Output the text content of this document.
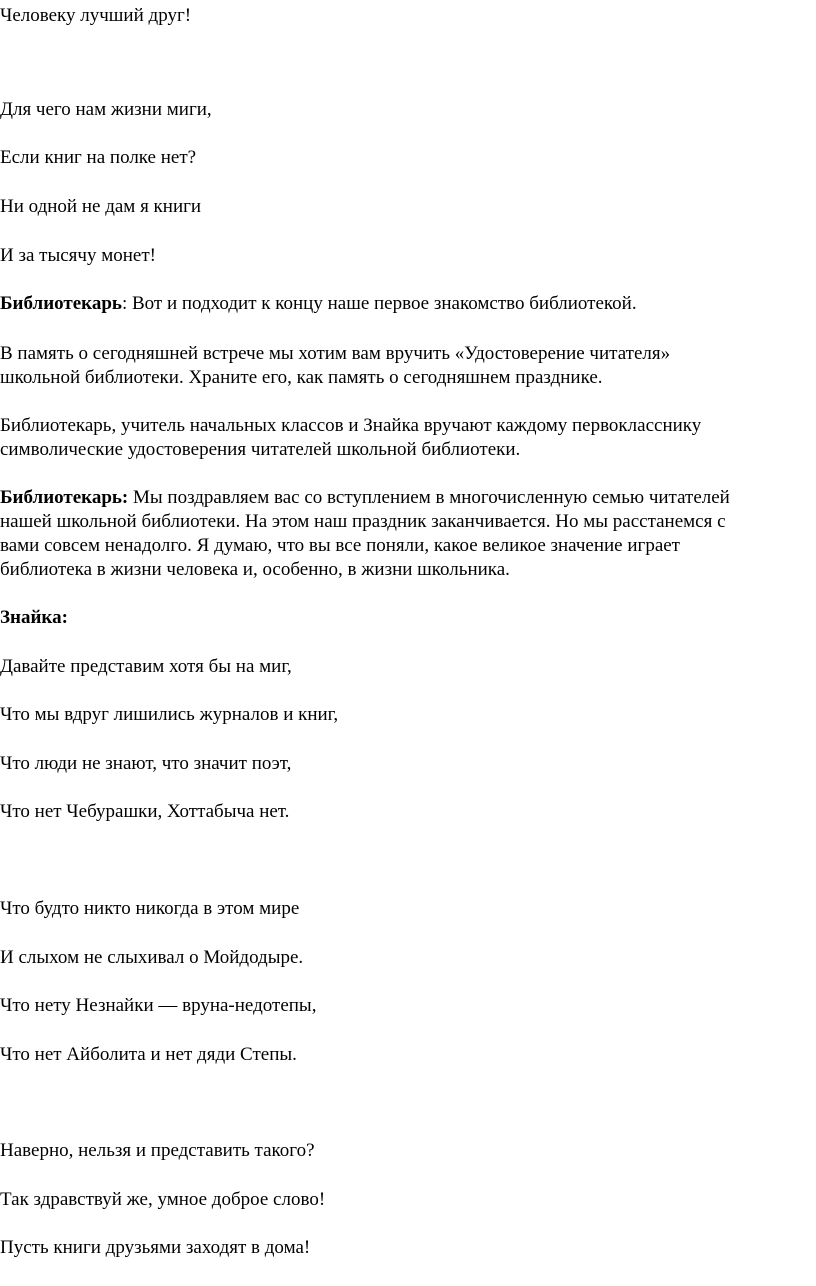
Человеку лучший друг!

Для чего нам жизни миги,

Если книг на полке нет?

Ни одной не дам я книги

И за тысячу монет!

Библиотекарь: Вот и подходит к концу наше первое знакомство библиотекой.

В память о сегодняшней встрече мы хотим вам вручить «Удостоверение читателя»

школьной библиотеки. Храните его, как память о сегодняшнем празднике.

Библиотекарь, учитель начальных классов и Знайка вручают каждому первокласснику

символические удостоверения читателей школьной библиотеки.

Библиотекарь: Мы поздравляем вас со вступлением в многочисленную семью читателей

нашей школьной библиотеки. На этом наш праздник заканчивается. Но мы расстанемся с

вами совсем ненадолго. Я думаю, что вы все поняли, какое великое значение играет

библиотека в жизни человека и, особенно, в жизни школьника.

Знайка:

Давайте представим хотя бы на миг,

Что мы вдруг лишились журналов и книг,

Что люди не знают, что значит поэт,

Что нет Чебурашки, Хоттабыча нет.

Что будто никто никогда в этом мире

И слыхом не слыхивал о Мойдодыре.

Что нету Незнайки — вруна-недотепы,

Что нет Айболита и нет дяди Степы.

Наверно, нельзя и представить такого?

Так здравствуй же, умное доброе слово!

Пусть книги друзьями заходят в дома!
